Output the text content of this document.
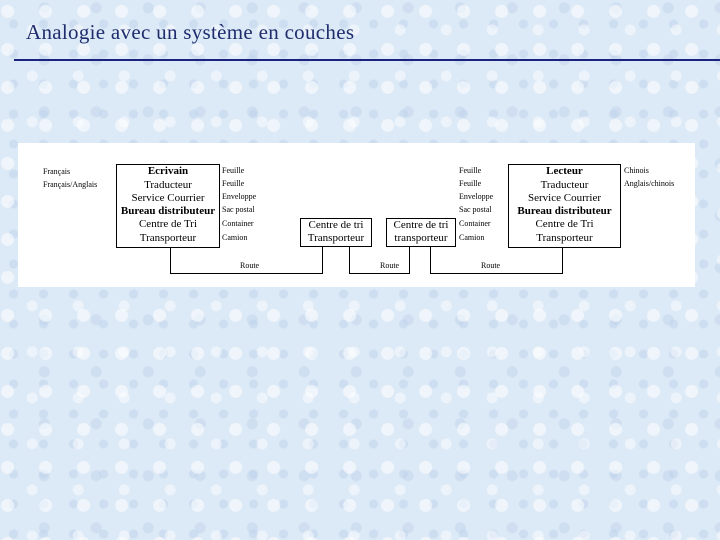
Analogie avec un système en couches
Français
Français/Anglais
Ecrivain
Traducteur
Service Courrier
Bureau distributeur
Centre de Tri
Transporteur
Feuille
Feuille
Enveloppe
Sac postal
Container
Camion
Centre de tri
Transporteur
Centre de tri
transporteur
Feuille
Feuille
Enveloppe
Sac postal
Container
Camion
Lecteur
Traducteur
Service Courrier
Bureau distributeur
Centre de Tri
Transporteur
Chinois
Anglais/chinois
Route	Route	Route
